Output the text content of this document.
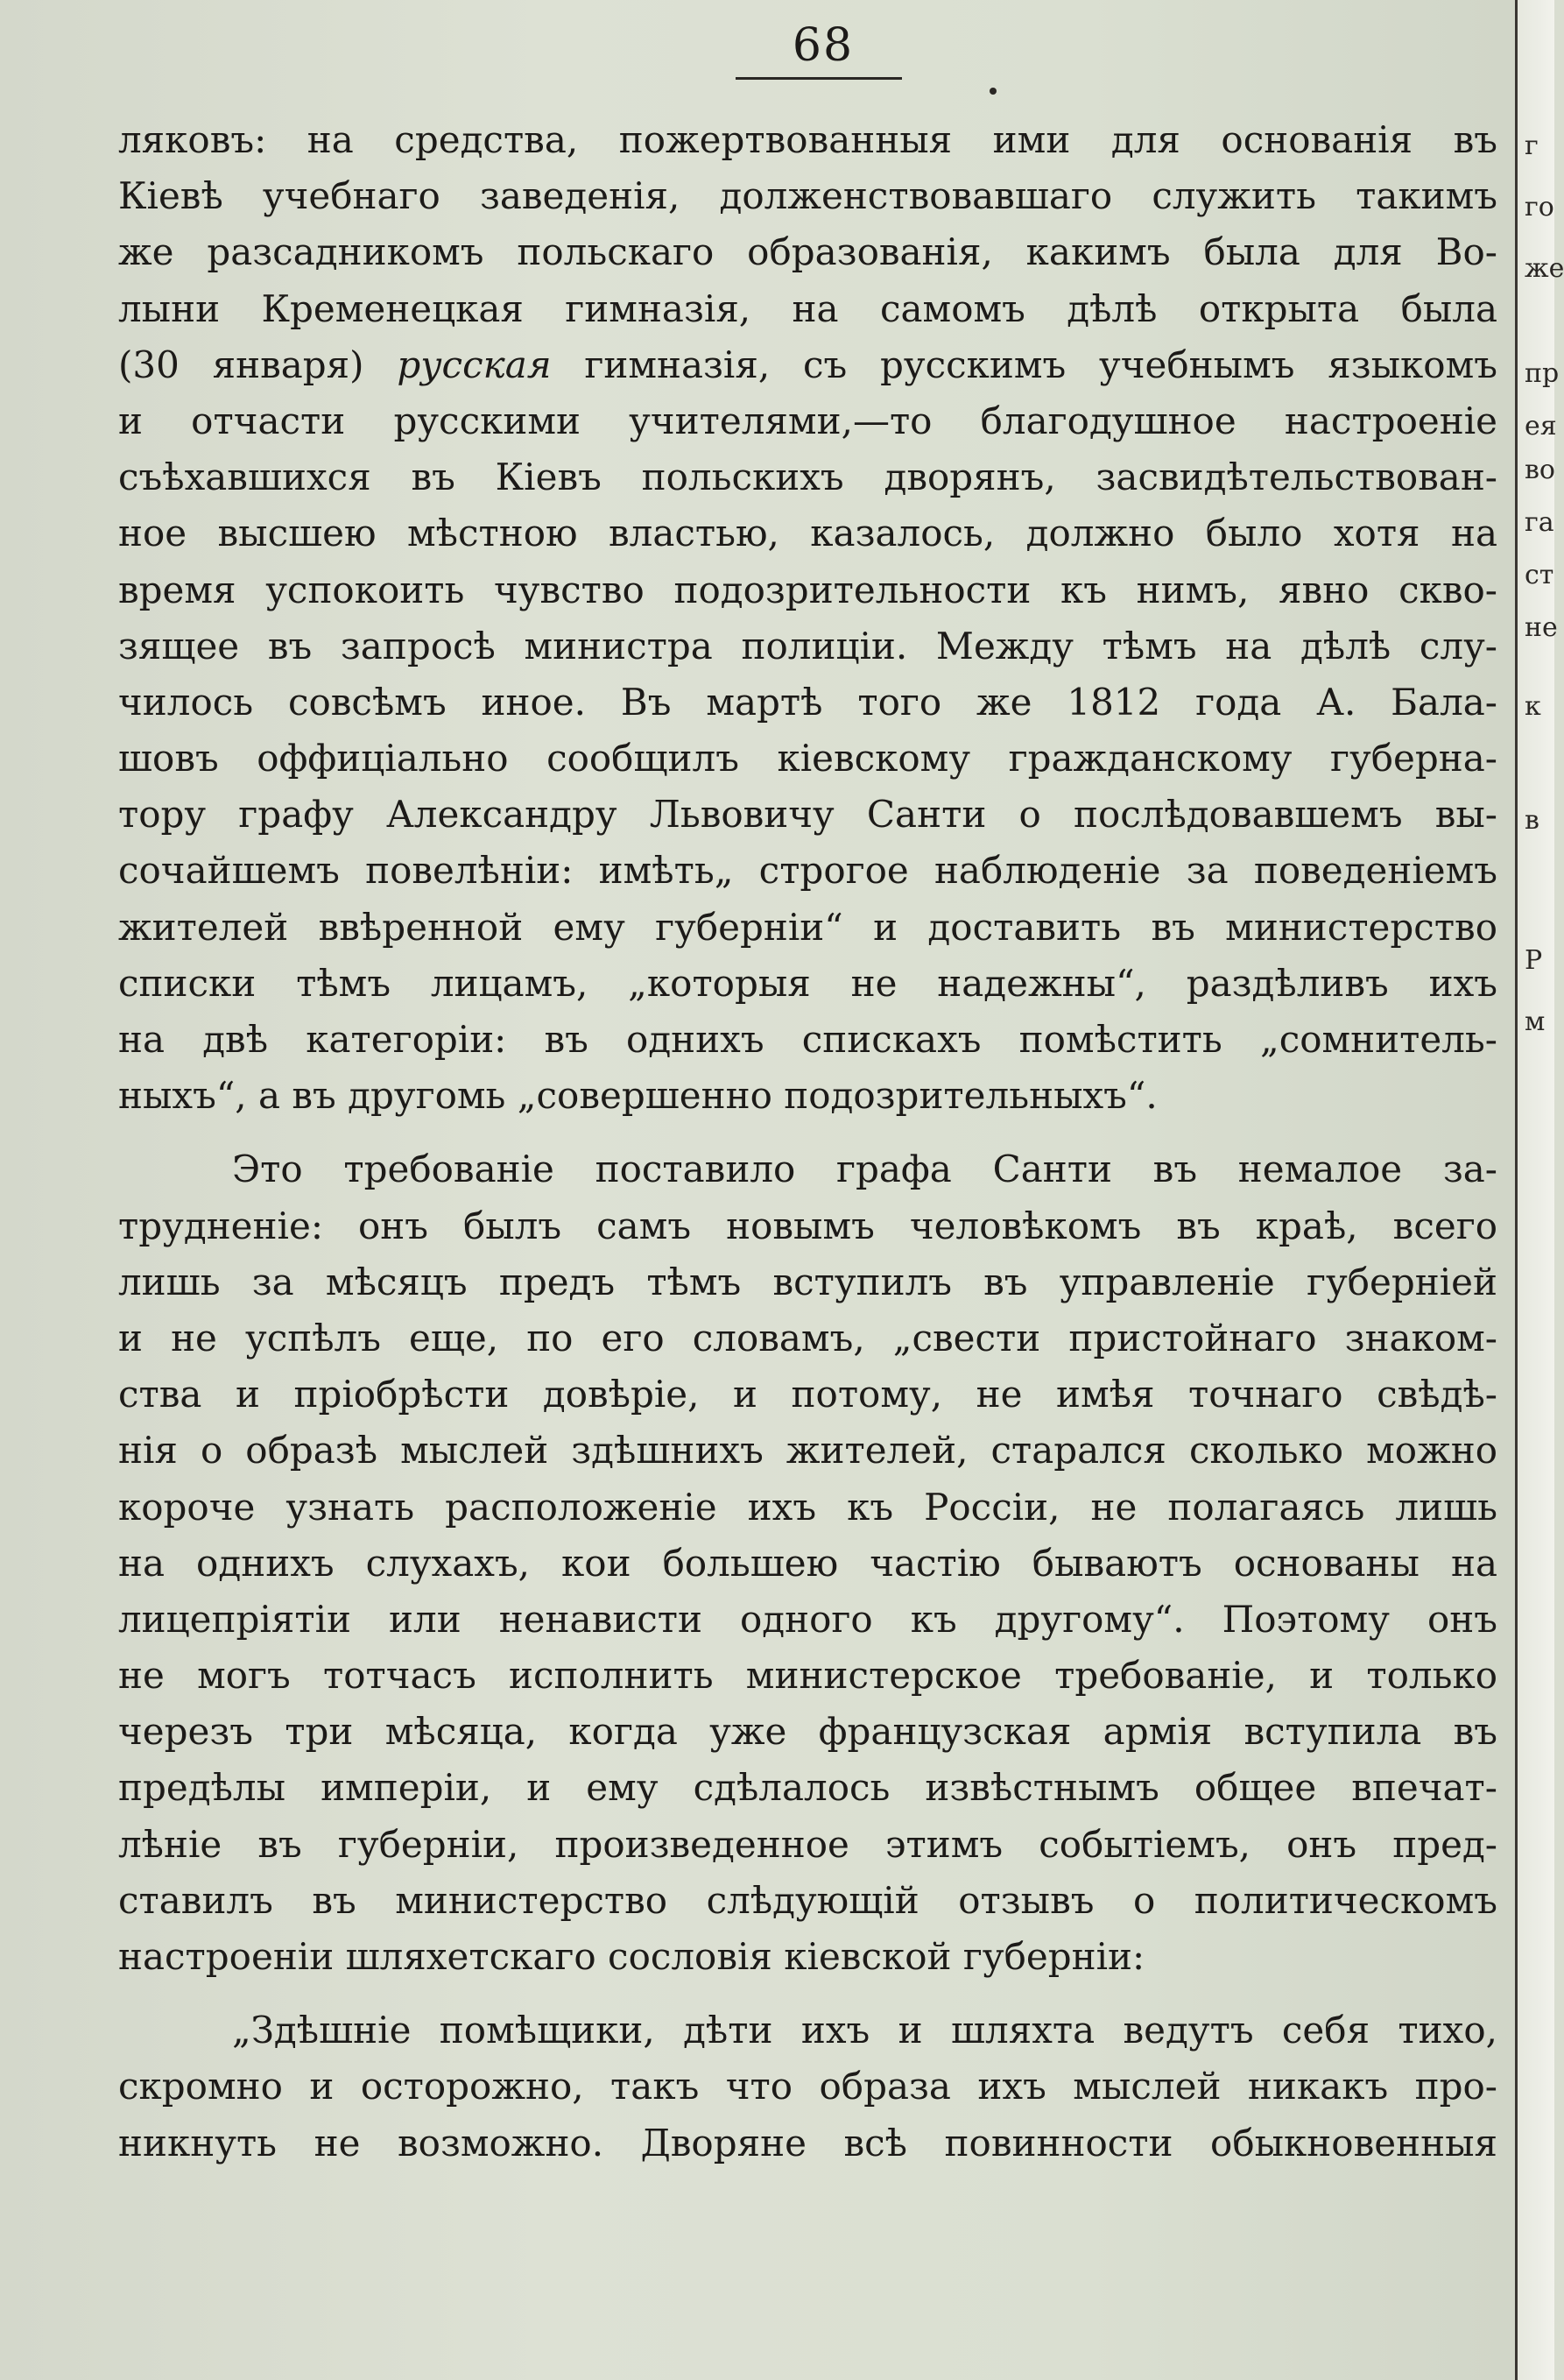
68
ляковъ: на средства, пожертвованныя ими для основанія въ
Кіевѣ учебнаго заведенія, долженствовавшаго служить такимъ
же разсадникомъ польскаго образованія, какимъ была для Во-
лыни Кременецкая гимназія, на самомъ дѣлѣ открыта была
(30 января) русская гимназія, съ русскимъ учебнымъ языкомъ
и отчасти русскими учителями,—то благодушное настроеніе
съѣхавшихся въ Кіевъ польскихъ дворянъ, засвидѣтельствован-
ное высшею мѣстною властью, казалось, должно было хотя на
время успокоить чувство подозрительности къ нимъ, явно скво-
зящее въ запросѣ министра полиціи. Между тѣмъ на дѣлѣ слу-
чилось совсѣмъ иное. Въ мартѣ того же 1812 года А. Бала-
шовъ оффиціально сообщилъ кіевскому гражданскому губерна-
тору графу Александру Львовичу Санти о послѣдовавшемъ вы-
сочайшемъ повелѣніи: имѣть„ строгое наблюденіе за поведеніемъ
жителей ввѣренной ему губерніи“ и доставить въ министерство
списки тѣмъ лицамъ, „которыя не надежны“, раздѣливъ ихъ
на двѣ категоріи: въ однихъ спискахъ помѣстить „сомнитель-
ныхъ“, а въ другомь „совершенно подозрительныхъ“.
Это требованіе поставило графа Санти въ немалое за-
трудненіе: онъ былъ самъ новымъ человѣкомъ въ краѣ, всего
лишь за мѣсяцъ предъ тѣмъ вступилъ въ управленіе губерніей
и не успѣлъ еще, по его словамъ, „свести пристойнаго знаком-
ства и пріобрѣсти довѣріе, и потому, не имѣя точнаго свѣдѣ-
нія о образѣ мыслей здѣшнихъ жителей, старался сколько можно
короче узнать расположеніе ихъ къ Россіи, не полагаясь лишь
на однихъ слухахъ, кои большею частію бываютъ основаны на
лицепріятіи или ненависти одного къ другому“. Поэтому онъ
не могъ тотчасъ исполнить министерское требованіе, и только
черезъ три мѣсяца, когда уже французская армія вступила въ
предѣлы имперіи, и ему сдѣлалось извѣстнымъ общее впечат-
лѣніе въ губерніи, произведенное этимъ событіемъ, онъ пред-
ставилъ въ министерство слѣдующій отзывъ о политическомъ
настроеніи шляхетскаго сословія кіевской губерніи:
„Здѣшніе помѣщики, дѣти ихъ и шляхта ведутъ себя тихо,
скромно и осторожно, такъ что образа ихъ мыслей никакъ про-
никнуть не возможно. Дворяне всѣ повинности обыкновенныя
г
го
же
пр
ея
во
га
ст
не
к
в
Р
м
